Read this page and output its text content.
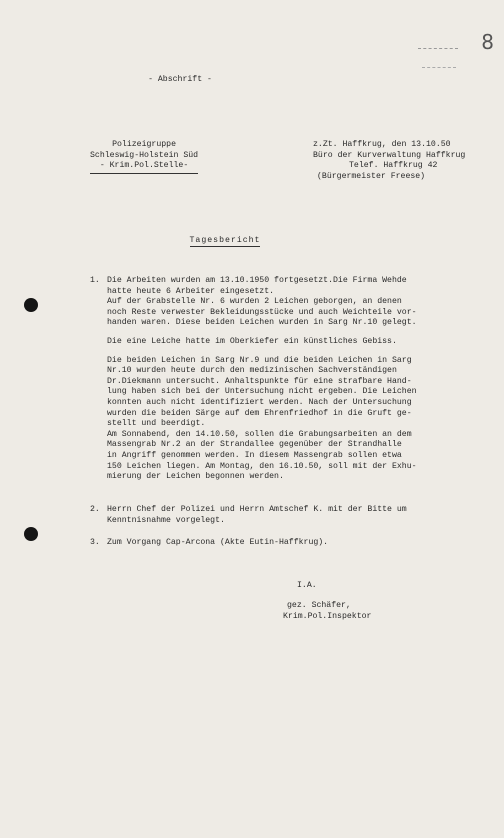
8
- Abschrift -
Polizeigruppe
Schleswig-Holstein Süd
- Krim.Pol.Stelle-
z.Zt. Haffkrug, den 13.10.50
Büro der Kurverwaltung Haffkrug
Telef. Haffkrug 42
(Bürgermeister Freese)
Tagesbericht
1. Die Arbeiten wurden am 13.10.1950 fortgesetzt.Die Firma Wehde
hatte heute 6 Arbeiter eingesetzt.
Auf der Grabstelle Nr. 6 wurden 2 Leichen geborgen, an denen
noch Reste verwester Bekleidungsstücke und auch Weichteile vor-
handen waren. Diese beiden Leichen wurden in Sarg Nr.10 gelegt.

Die eine Leiche hatte im Oberkiefer ein künstliches Gebiss.

Die beiden Leichen in Sarg Nr.9 und die beiden Leichen in Sarg
Nr.10 wurden heute durch den medizinischen Sachverständigen
Dr.Diekmann untersucht. Anhaltspunkte für eine strafbare Hand-
lung haben sich bei der Untersuchung nicht ergeben. Die Leichen
konnten auch nicht identifiziert werden. Nach der Untersuchung
wurden die beiden Särge auf dem Ehrenfriedhof in die Gruft ge-
stellt und beerdigt.
Am Sonnabend, den 14.10.50, sollen die Grabungsarbeiten an dem
Massengrab Nr.2 an der Strandallee gegenüber der Strandhalle
in Angriff genommen werden. In diesem Massengrab sollen etwa
150 Leichen liegen. Am Montag, den 16.10.50, soll mit der Exhu-
mierung der Leichen begonnen werden.

2. Herrn Chef der Polizei und Herrn Amtschef K. mit der Bitte um
Kenntnisnahme vorgelegt.

3. Zum Vorgang Cap-Arcona (Akte Eutin-Haffkrug).

I.A.
gez. Schäfer,
Krim.Pol.Inspektor
